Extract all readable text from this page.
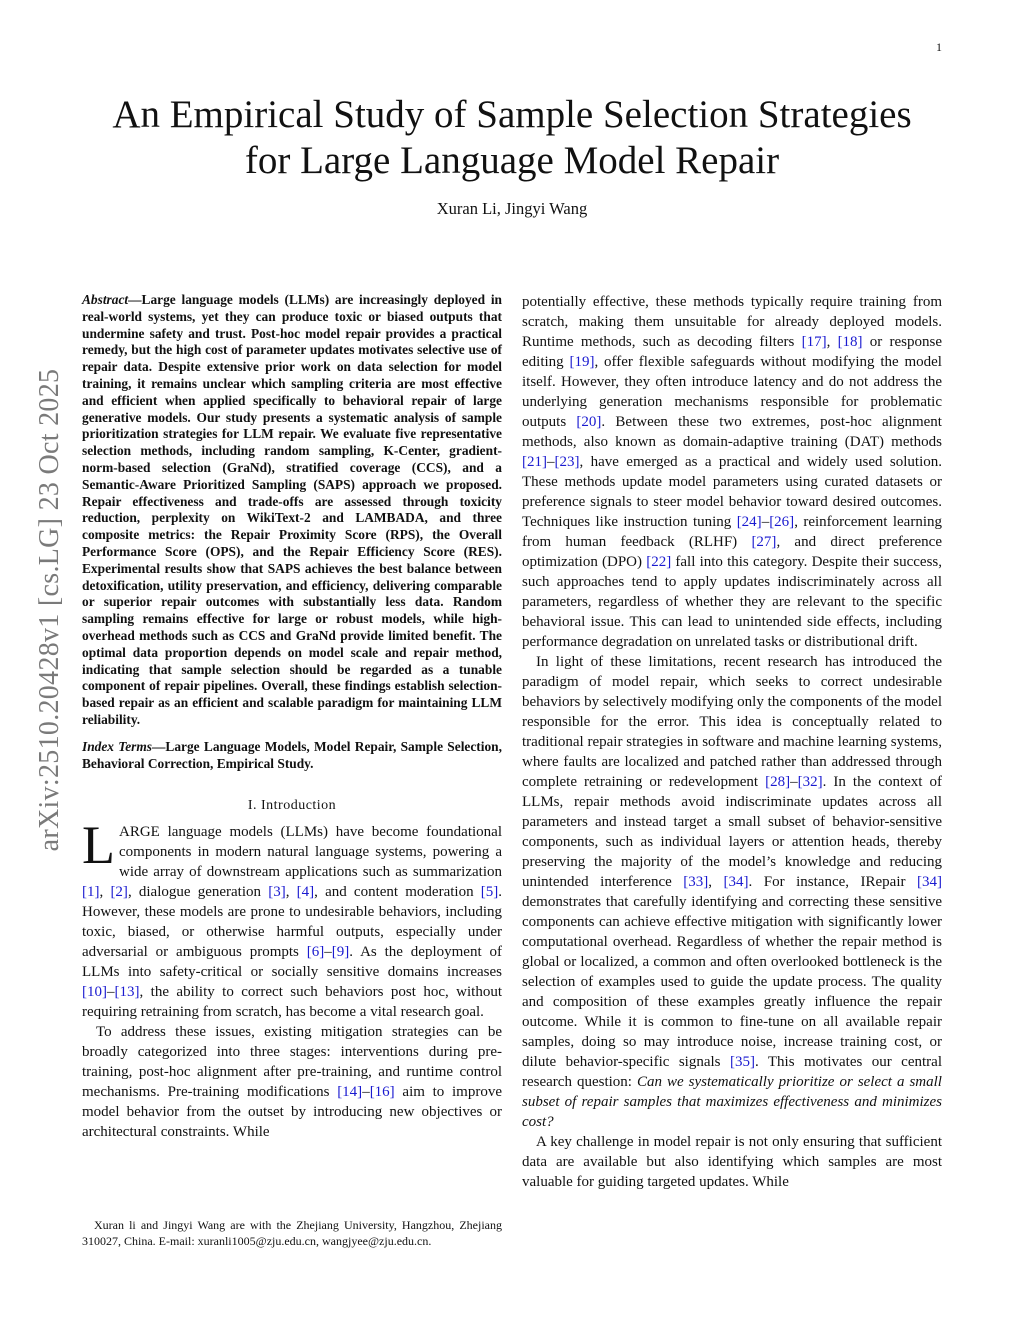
1
arXiv:2510.20428v1 [cs.LG] 23 Oct 2025
An Empirical Study of Sample Selection Strategies
for Large Language Model Repair
Xuran Li, Jingyi Wang

Abstract—Large language models (LLMs) are increasingly deployed in real-world systems, yet they can produce toxic or biased outputs that undermine safety and trust. Post-hoc model repair provides a practical remedy, but the high cost of parameter updates motivates selective use of repair data. Despite extensive prior work on data selection for model training, it remains unclear which sampling criteria are most effective and efficient when applied specifically to behavioral repair of large generative models. Our study presents a systematic analysis of sample prioritization strategies for LLM repair. We evaluate five representative selection methods, including random sampling, K-Center, gradient-norm-based selection (GraNd), stratified coverage (CCS), and a Semantic-Aware Prioritized Sampling (SAPS) approach we proposed. Repair effectiveness and trade-offs are assessed through toxicity reduction, perplexity on WikiText-2 and LAMBADA, and three composite metrics: the Repair Proximity Score (RPS), the Overall Performance Score (OPS), and the Repair Efficiency Score (RES). Experimental results show that SAPS achieves the best balance between detoxification, utility preservation, and efficiency, delivering comparable or superior repair outcomes with substantially less data. Random sampling remains effective for large or robust models, while high-overhead methods such as CCS and GraNd provide limited benefit. The optimal data proportion depends on model scale and repair method, indicating that sample selection should be regarded as a tunable component of repair pipelines. Overall, these findings establish selection-based repair as an efficient and scalable paradigm for maintaining LLM reliability.

Index Terms—Large Language Models, Model Repair, Sample Selection, Behavioral Correction, Empirical Study.

I. Introduction

LARGE language models (LLMs) have become foundational components in modern natural language systems, powering a wide array of downstream applications such as summarization [1], [2], dialogue generation [3], [4], and content moderation [5]. However, these models are prone to undesirable behaviors, including toxic, biased, or otherwise harmful outputs, especially under adversarial or ambiguous prompts [6]–[9]. As the deployment of LLMs into safety-critical or socially sensitive domains increases [10]–[13], the ability to correct such behaviors post hoc, without requiring retraining from scratch, has become a vital research goal.

To address these issues, existing mitigation strategies can be broadly categorized into three stages: interventions during pre-training, post-hoc alignment after pre-training, and runtime control mechanisms. Pre-training modifications [14]–[16] aim to improve model behavior from the outset by introducing new objectives or architectural constraints. While

Xuran li and Jingyi Wang are with the Zhejiang University, Hangzhou, Zhejiang 310027, China. E-mail: xuranli1005@zju.edu.cn, wangjyee@zju.edu.cn.

potentially effective, these methods typically require training from scratch, making them unsuitable for already deployed models. Runtime methods, such as decoding filters [17], [18] or response editing [19], offer flexible safeguards without modifying the model itself. However, they often introduce latency and do not address the underlying generation mechanisms responsible for problematic outputs [20]. Between these two extremes, post-hoc alignment methods, also known as domain-adaptive training (DAT) methods [21]–[23], have emerged as a practical and widely used solution. These methods update model parameters using curated datasets or preference signals to steer model behavior toward desired outcomes. Techniques like instruction tuning [24]–[26], reinforcement learning from human feedback (RLHF) [27], and direct preference optimization (DPO) [22] fall into this category. Despite their success, such approaches tend to apply updates indiscriminately across all parameters, regardless of whether they are relevant to the specific behavioral issue. This can lead to unintended side effects, including performance degradation on unrelated tasks or distributional drift.

In light of these limitations, recent research has introduced the paradigm of model repair, which seeks to correct undesirable behaviors by selectively modifying only the components of the model responsible for the error. This idea is conceptually related to traditional repair strategies in software and machine learning systems, where faults are localized and patched rather than addressed through complete retraining or redevelopment [28]–[32]. In the context of LLMs, repair methods avoid indiscriminate updates across all parameters and instead target a small subset of behavior-sensitive components, such as individual layers or attention heads, thereby preserving the majority of the model’s knowledge and reducing unintended interference [33], [34]. For instance, IRepair [34] demonstrates that carefully identifying and correcting these sensitive components can achieve effective mitigation with significantly lower computational overhead. Regardless of whether the repair method is global or localized, a common and often overlooked bottleneck is the selection of examples used to guide the update process. The quality and composition of these examples greatly influence the repair outcome. While it is common to fine-tune on all available repair samples, doing so may introduce noise, increase training cost, or dilute behavior-specific signals [35]. This motivates our central research question: Can we systematically prioritize or select a small subset of repair samples that maximizes effectiveness and minimizes cost?

A key challenge in model repair is not only ensuring that sufficient data are available but also identifying which samples are most valuable for guiding targeted updates. While
